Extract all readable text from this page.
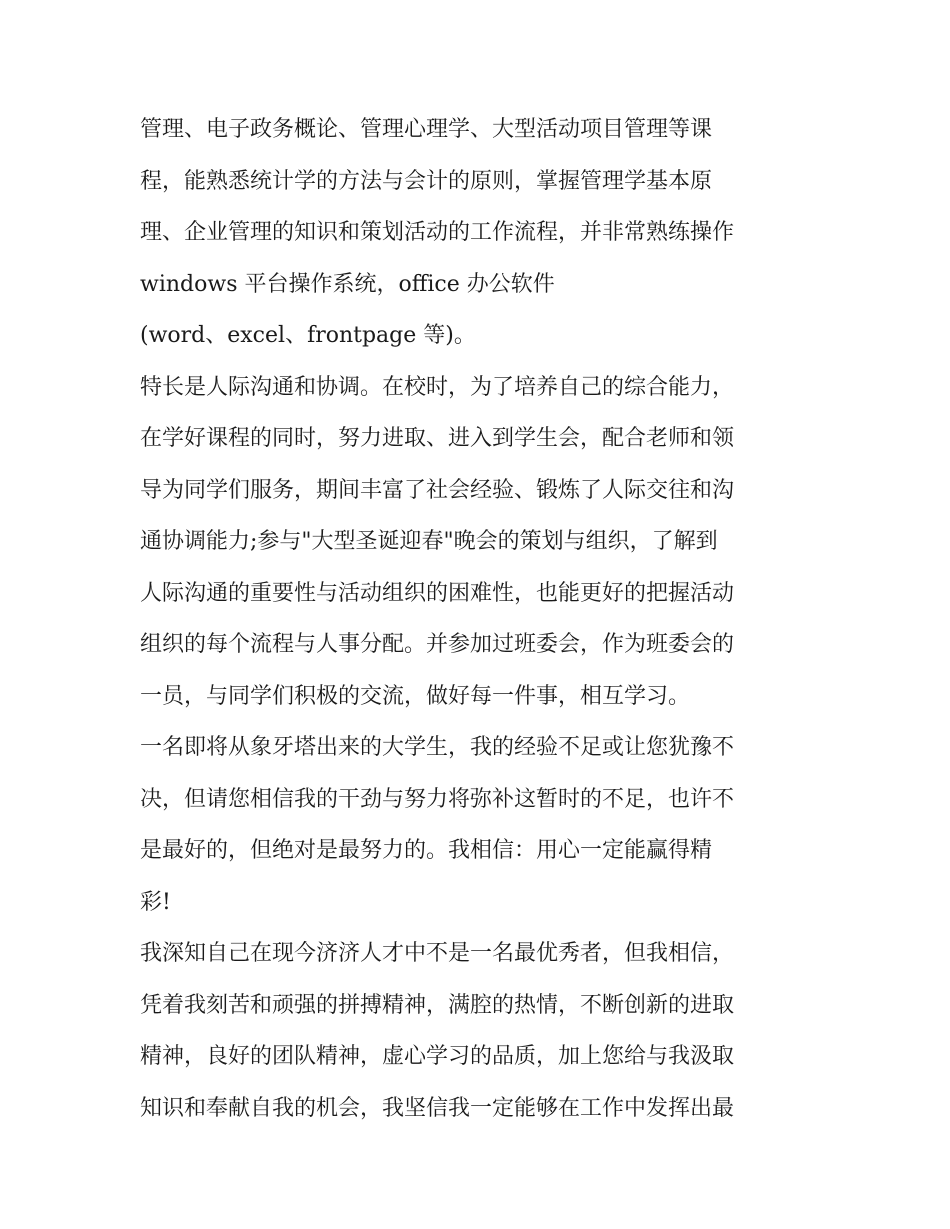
管理、电子政务概论、管理心理学、大型活动项目管理等课
程，能熟悉统计学的方法与会计的原则，掌握管理学基本原
理、企业管理的知识和策划活动的工作流程，并非常熟练操作
windows 平台操作系统，office 办公软件
(word、excel、frontpage 等)。
特长是人际沟通和协调。在校时，为了培养自己的综合能力，
在学好课程的同时，努力进取、进入到学生会，配合老师和领
导为同学们服务，期间丰富了社会经验、锻炼了人际交往和沟
通协调能力;参与"大型圣诞迎春"晚会的策划与组织，了解到
人际沟通的重要性与活动组织的困难性，也能更好的把握活动
组织的每个流程与人事分配。并参加过班委会，作为班委会的
一员，与同学们积极的交流，做好每一件事，相互学习。
一名即将从象牙塔出来的大学生，我的经验不足或让您犹豫不
决，但请您相信我的干劲与努力将弥补这暂时的不足，也许不
是最好的，但绝对是最努力的。我相信：用心一定能赢得精
彩!
我深知自己在现今济济人才中不是一名最优秀者，但我相信，
凭着我刻苦和顽强的拼搏精神，满腔的热情，不断创新的进取
精神，良好的团队精神，虚心学习的品质，加上您给与我汲取
知识和奉献自我的机会，我坚信我一定能够在工作中发挥出最
